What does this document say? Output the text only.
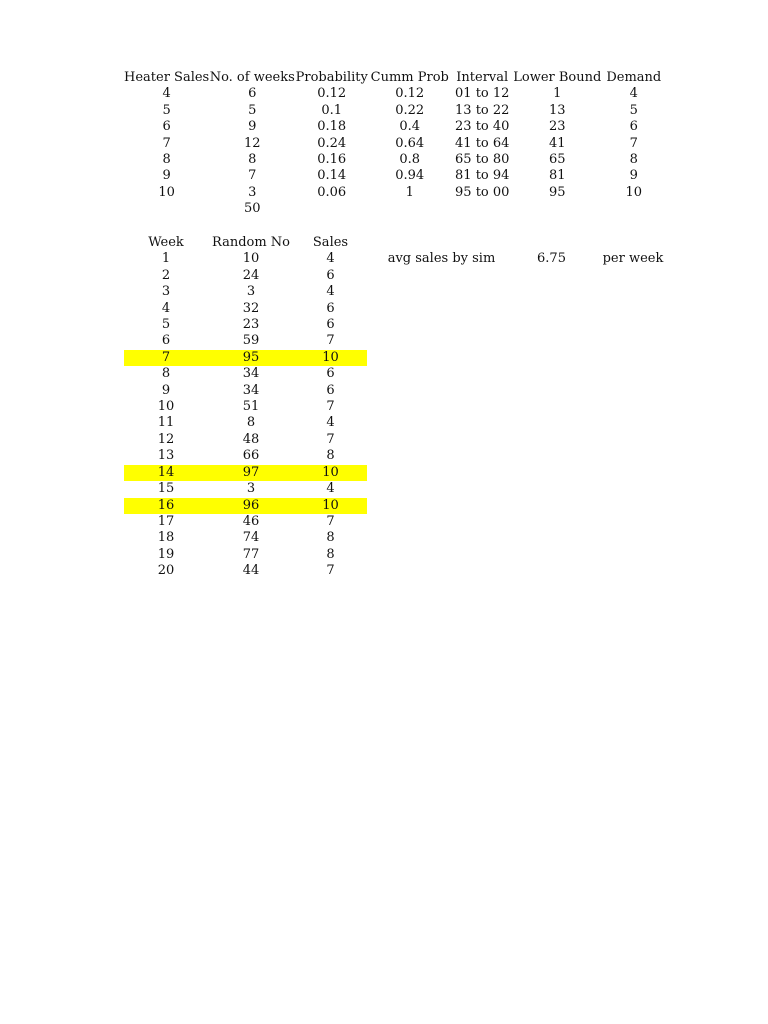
Heater Sales	No. of weeks	Probability	Cumm Prob	Interval	Lower Bound	Demand
4	6	0.12	0.12	01 to 12	1	4
5	5	0.1	0.22	13 to 22	13	5
6	9	0.18	0.4	23 to 40	23	6
7	12	0.24	0.64	41 to 64	41	7
8	8	0.16	0.8	65 to 80	65	8
9	7	0.14	0.94	81 to 94	81	9
10	3	0.06	1	95 to 00	95	10
	50					
Week	Random No	Sales
1	10	4
2	24	6
3	3	4
4	32	6
5	23	6
6	59	7
7	95	10
8	34	6
9	34	6
10	51	7
11	8	4
12	48	7
13	66	8
14	97	10
15	3	4
16	96	10
17	46	7
18	74	8
19	77	8
20	44	7
avg sales by sim	6.75	per week
